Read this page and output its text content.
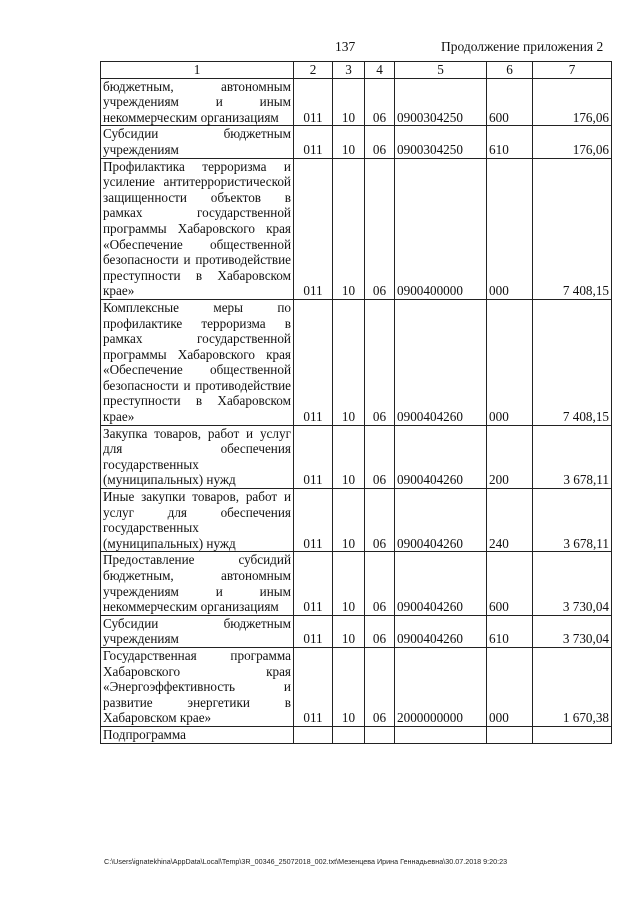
137	Продолжение приложения 2
1	2	3	4	5	6	7

бюджетным, автономным учреждениям и иным некоммерческим организациям	011	10	06	0900304250	600	176,06

Субсидии бюджетным учреждениям	011	10	06	0900304250	610	176,06

Профилактика терроризма и усиление антитеррористической защищенности объектов в рамках государственной программы Хабаровского края «Обеспечение общественной безопасности и противодействие преступности в Хабаровском крае»	011	10	06	0900400000	000	7 408,15

Комплексные меры по профилактике терроризма в рамках государственной программы Хабаровского края «Обеспечение общественной безопасности и противодействие преступности в Хабаровском крае»	011	10	06	0900404260	000	7 408,15

Закупка товаров, работ и услуг для обеспечения государственных (муниципальных) нужд	011	10	06	0900404260	200	3 678,11

Иные закупки товаров, работ и услуг для обеспечения государственных (муниципальных) нужд	011	10	06	0900404260	240	3 678,11

Предоставление субсидий бюджетным, автономным учреждениям и иным некоммерческим организациям	011	10	06	0900404260	600	3 730,04

Субсидии бюджетным учреждениям	011	10	06	0900404260	610	3 730,04

Государственная программа Хабаровского края «Энергоэффективность и развитие энергетики в Хабаровском крае»	011	10	06	2000000000	000	1 670,38

Подпрограмма						

C:\Users\ignatekhina\AppData\Local\Temp\3R_00346_25072018_002.txt\Мезенцева Ирина Геннадьевна\30.07.2018 9:20:23
